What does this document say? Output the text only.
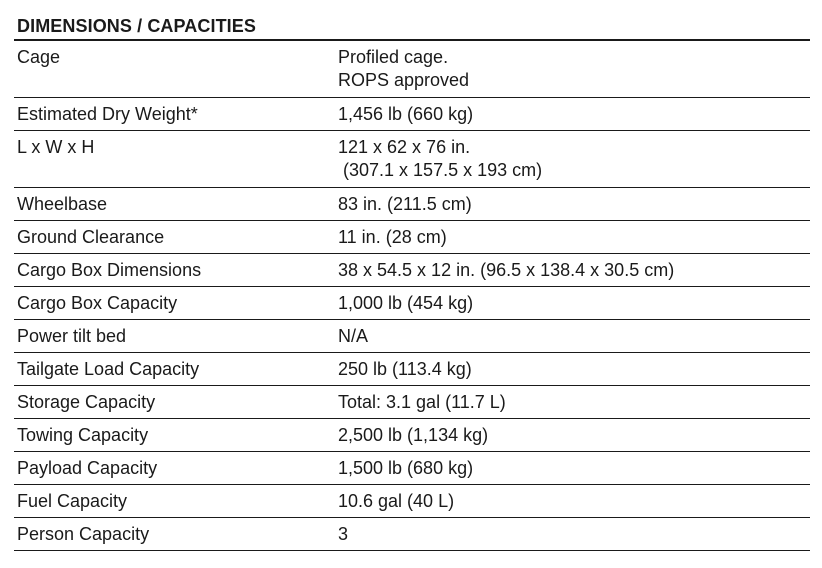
DIMENSIONS / CAPACITIES
Cage	Profiled cage.
ROPS approved

Estimated Dry Weight*	1,456 lb (660 kg)

L x W x H	121 x 62 x 76 in.
(307.1 x 157.5 x 193 cm)

Wheelbase	83 in. (211.5 cm)

Ground Clearance	11 in. (28 cm)

Cargo Box Dimensions	38 x 54.5 x 12 in. (96.5 x 138.4 x 30.5 cm)

Cargo Box Capacity	1,000 lb (454 kg)

Power tilt bed	N/A

Tailgate Load Capacity	250 lb (113.4 kg)

Storage Capacity	Total: 3.1 gal (11.7 L)

Towing Capacity	2,500 lb (1,134 kg)

Payload Capacity	1,500 lb (680 kg)

Fuel Capacity	10.6 gal (40 L)

Person Capacity	3
